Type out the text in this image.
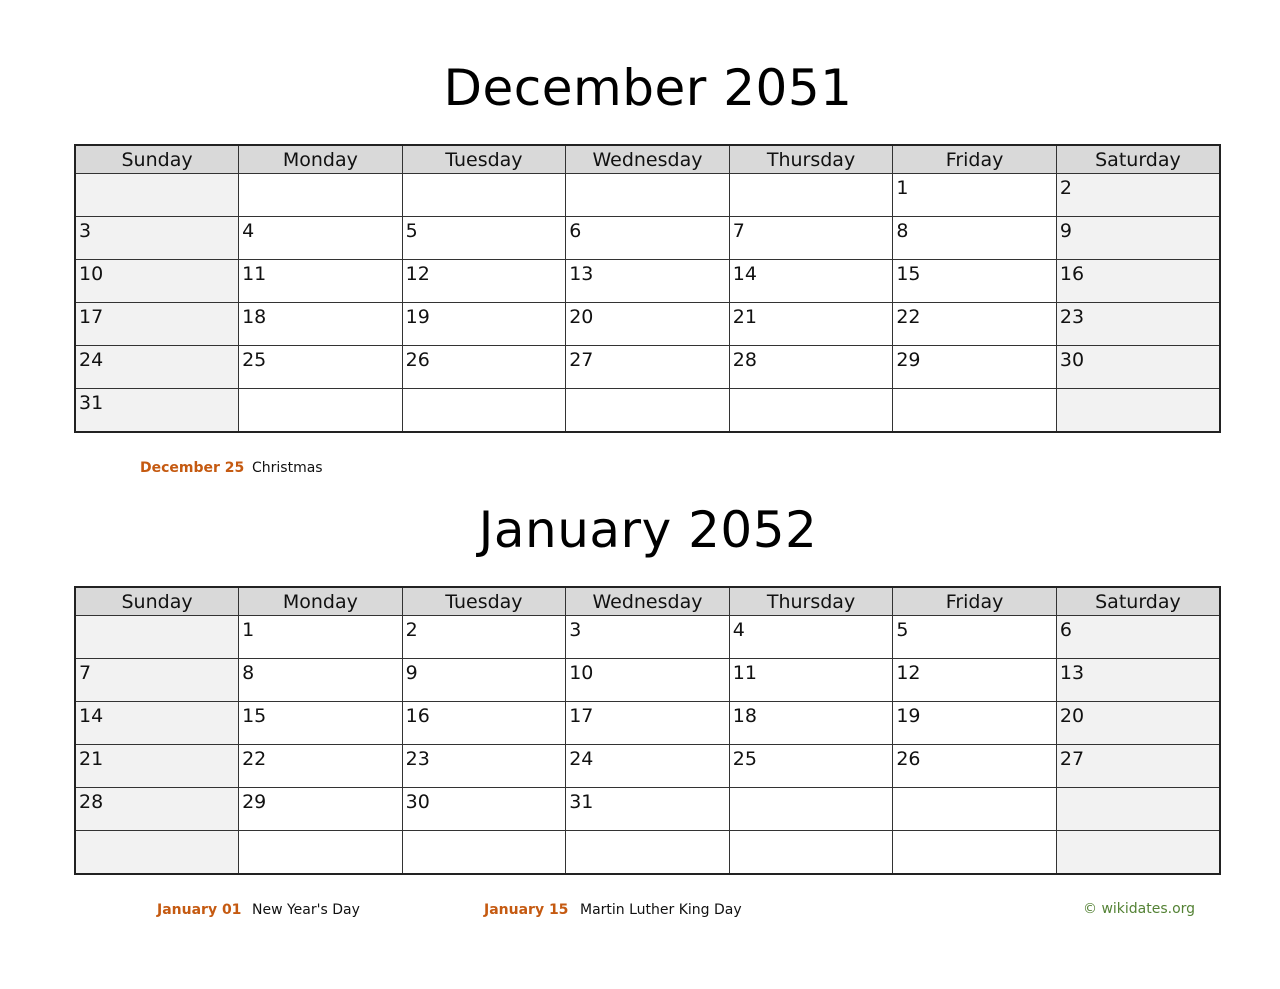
December 2051
Sunday	Monday	Tuesday	Wednesday	Thursday	Friday	Saturday

					1	2

3	4	5	6	7	8	9

10	11	12	13	14	15	16

17	18	19	20	21	22	23

24	25	26	27	28	29	30

31						

December 25 Christmas
January 2052
Sunday	Monday	Tuesday	Wednesday	Thursday	Friday	Saturday

	1	2	3	4	5	6

7	8	9	10	11	12	13

14	15	16	17	18	19	20

21	22	23	24	25	26	27

28	29	30	31			

January 01 New Year's Day	January 15 Martin Luther King Day	© wikidates.org
